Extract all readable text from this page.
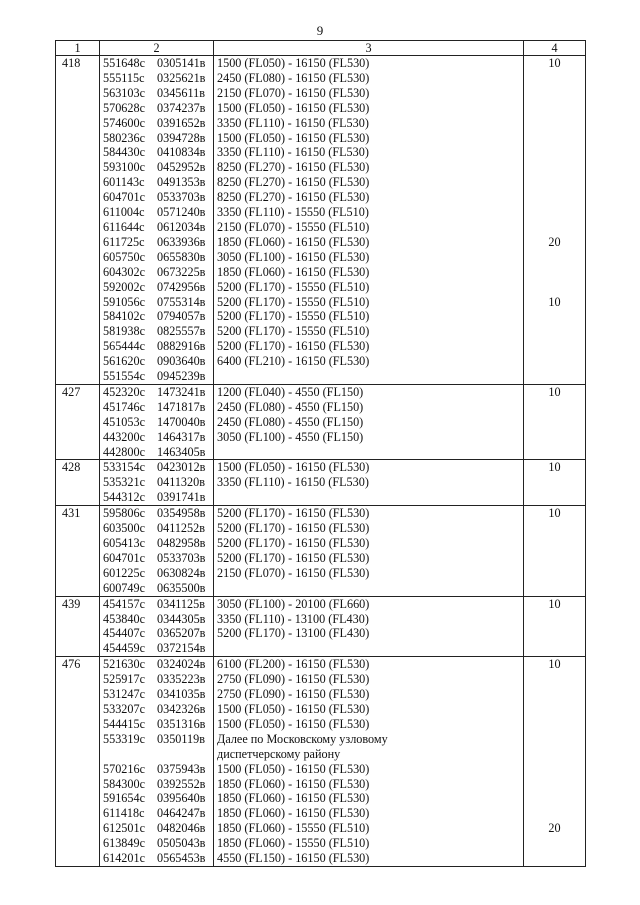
9
1	2	3	4
418	551648с 0305141в	1500 (FL050) - 16150 (FL530)	10
	555115с 0325621в	2450 (FL080) - 16150 (FL530)	

	563103с 0345611в	2150 (FL070) - 16150 (FL530)	

	570628с 0374237в	1500 (FL050) - 16150 (FL530)	

	574600с 0391652в	3350 (FL110) - 16150 (FL530)	

	580236с 0394728в	1500 (FL050) - 16150 (FL530)	

	584430с 0410834в	3350 (FL110) - 16150 (FL530)	

	593100с 0452952в	8250 (FL270) - 16150 (FL530)	

	601143с 0491353в	8250 (FL270) - 16150 (FL530)	

	604701с 0533703в	8250 (FL270) - 16150 (FL530)	

	611004с 0571240в	3350 (FL110) - 15550 (FL510)	

	611644с 0612034в	2150 (FL070) - 15550 (FL510)	

	611725с 0633936в	1850 (FL060) - 16150 (FL530)	20
	605750с 0655830в	3050 (FL100) - 16150 (FL530)	

	604302с 0673225в	1850 (FL060) - 16150 (FL530)	

	592002с 0742956в	5200 (FL170) - 15550 (FL510)	

	591056с 0755314в	5200 (FL170) - 15550 (FL510)	10
	584102с 0794057в	5200 (FL170) - 15550 (FL510)	

	581938с 0825557в	5200 (FL170) - 15550 (FL510)	

	565444с 0882916в	5200 (FL170) - 16150 (FL530)	

	561620с 0903640в	6400 (FL210) - 16150 (FL530)	

	551554с 0945239в	

427	452320с 1473241в	1200 (FL040) - 4550 (FL150)	10
	451746с 1471817в	2450 (FL080) - 4550 (FL150)	

	451053с 1470040в	2450 (FL080) - 4550 (FL150)	

	443200с 1464317в	3050 (FL100) - 4550 (FL150)	

	442800с 1463405в	

428	533154с 0423012в	1500 (FL050) - 16150 (FL530)	10
	535321с 0411320в	3350 (FL110) - 16150 (FL530)	

	544312с 0391741в	

431	595806с 0354958в	5200 (FL170) - 16150 (FL530)	10
	603500с 0411252в	5200 (FL170) - 16150 (FL530)	

	605413с 0482958в	5200 (FL170) - 16150 (FL530)	

	604701с 0533703в	5200 (FL170) - 16150 (FL530)	

	601225с 0630824в	2150 (FL070) - 16150 (FL530)	

	600749с 0635500в	

439	454157с 0341125в	3050 (FL100) - 20100 (FL660)	10
	453840с 0344305в	3350 (FL110) - 13100 (FL430)	

	454407с 0365207в	5200 (FL170) - 13100 (FL430)	

	454459с 0372154в	

476	521630с 0324024в	6100 (FL200) - 16150 (FL530)	10
	525917с 0335223в	2750 (FL090) - 16150 (FL530)	

	531247с 0341035в	2750 (FL090) - 16150 (FL530)	

	533207с 0342326в	1500 (FL050) - 16150 (FL530)	

	544415с 0351316в	1500 (FL050) - 16150 (FL530)	

	553319с 0350119в	Далее по Московскому узловому
диспетчерскому району	

	570216с 0375943в	1500 (FL050) - 16150 (FL530)	

	584300с 0392552в	1850 (FL060) - 16150 (FL530)	

	591654с 0395640в	1850 (FL060) - 16150 (FL530)	

	611418с 0464247в	1850 (FL060) - 16150 (FL530)	

	612501с 0482046в	1850 (FL060) - 15550 (FL510)	20
	613849с 0505043в	1850 (FL060) - 15550 (FL510)	

	614201с 0565453в	4550 (FL150) - 16150 (FL530)	
